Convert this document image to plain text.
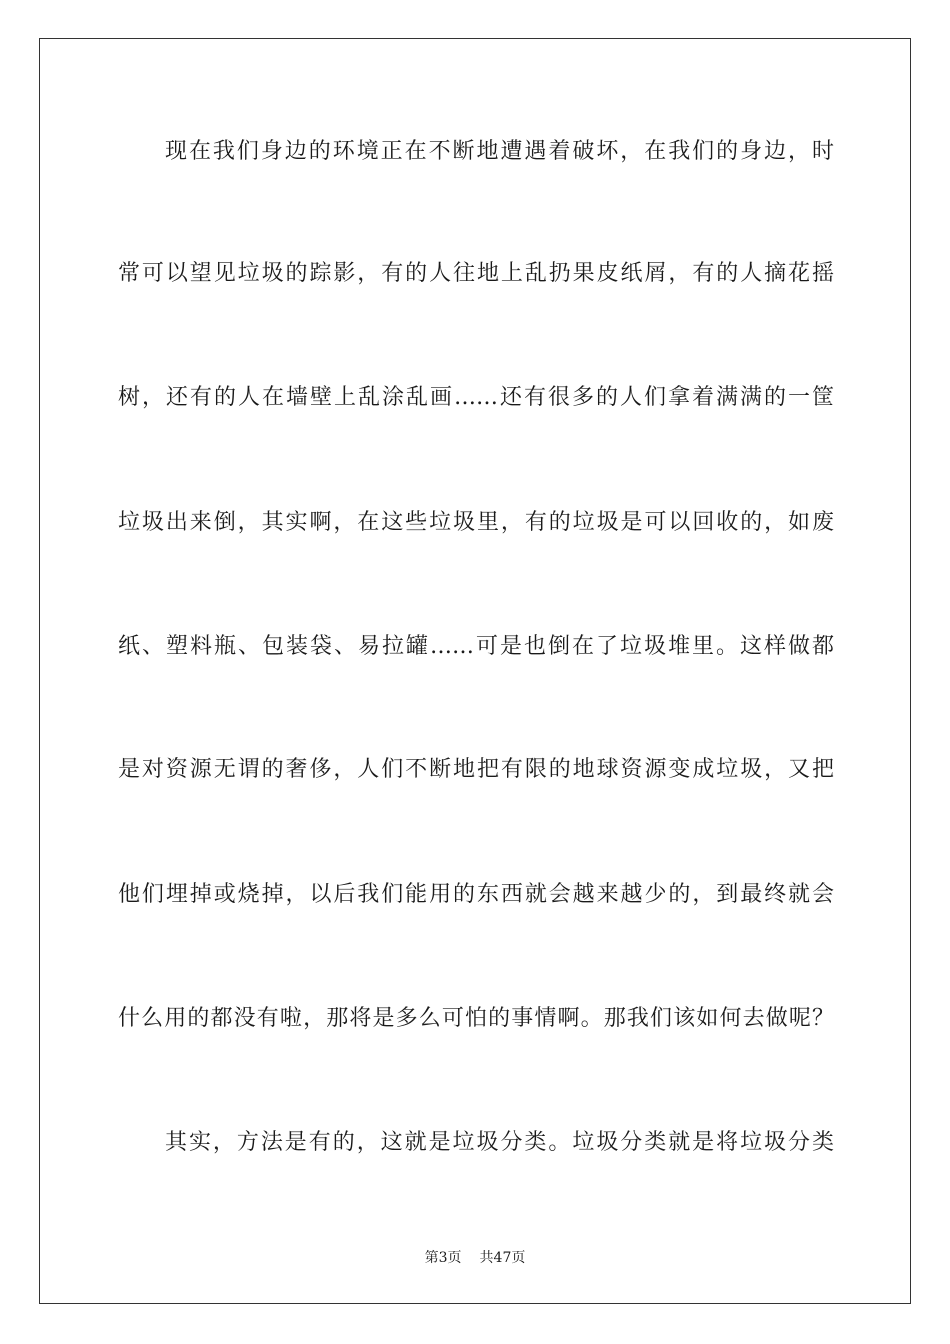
现在我们身边的环境正在不断地遭遇着破坏，在我们的身边，时
常可以望见垃圾的踪影，有的人往地上乱扔果皮纸屑，有的人摘花摇
树，还有的人在墙壁上乱涂乱画……还有很多的人们拿着满满的一筐
垃圾出来倒，其实啊，在这些垃圾里，有的垃圾是可以回收的，如废
纸、塑料瓶、包装袋、易拉罐……可是也倒在了垃圾堆里。这样做都
是对资源无谓的奢侈，人们不断地把有限的地球资源变成垃圾，又把
他们埋掉或烧掉，以后我们能用的东西就会越来越少的，到最终就会
什么用的都没有啦，那将是多么可怕的事情啊。那我们该如何去做呢？
其实，方法是有的，这就是垃圾分类。垃圾分类就是将垃圾分类
第3页 共47页
